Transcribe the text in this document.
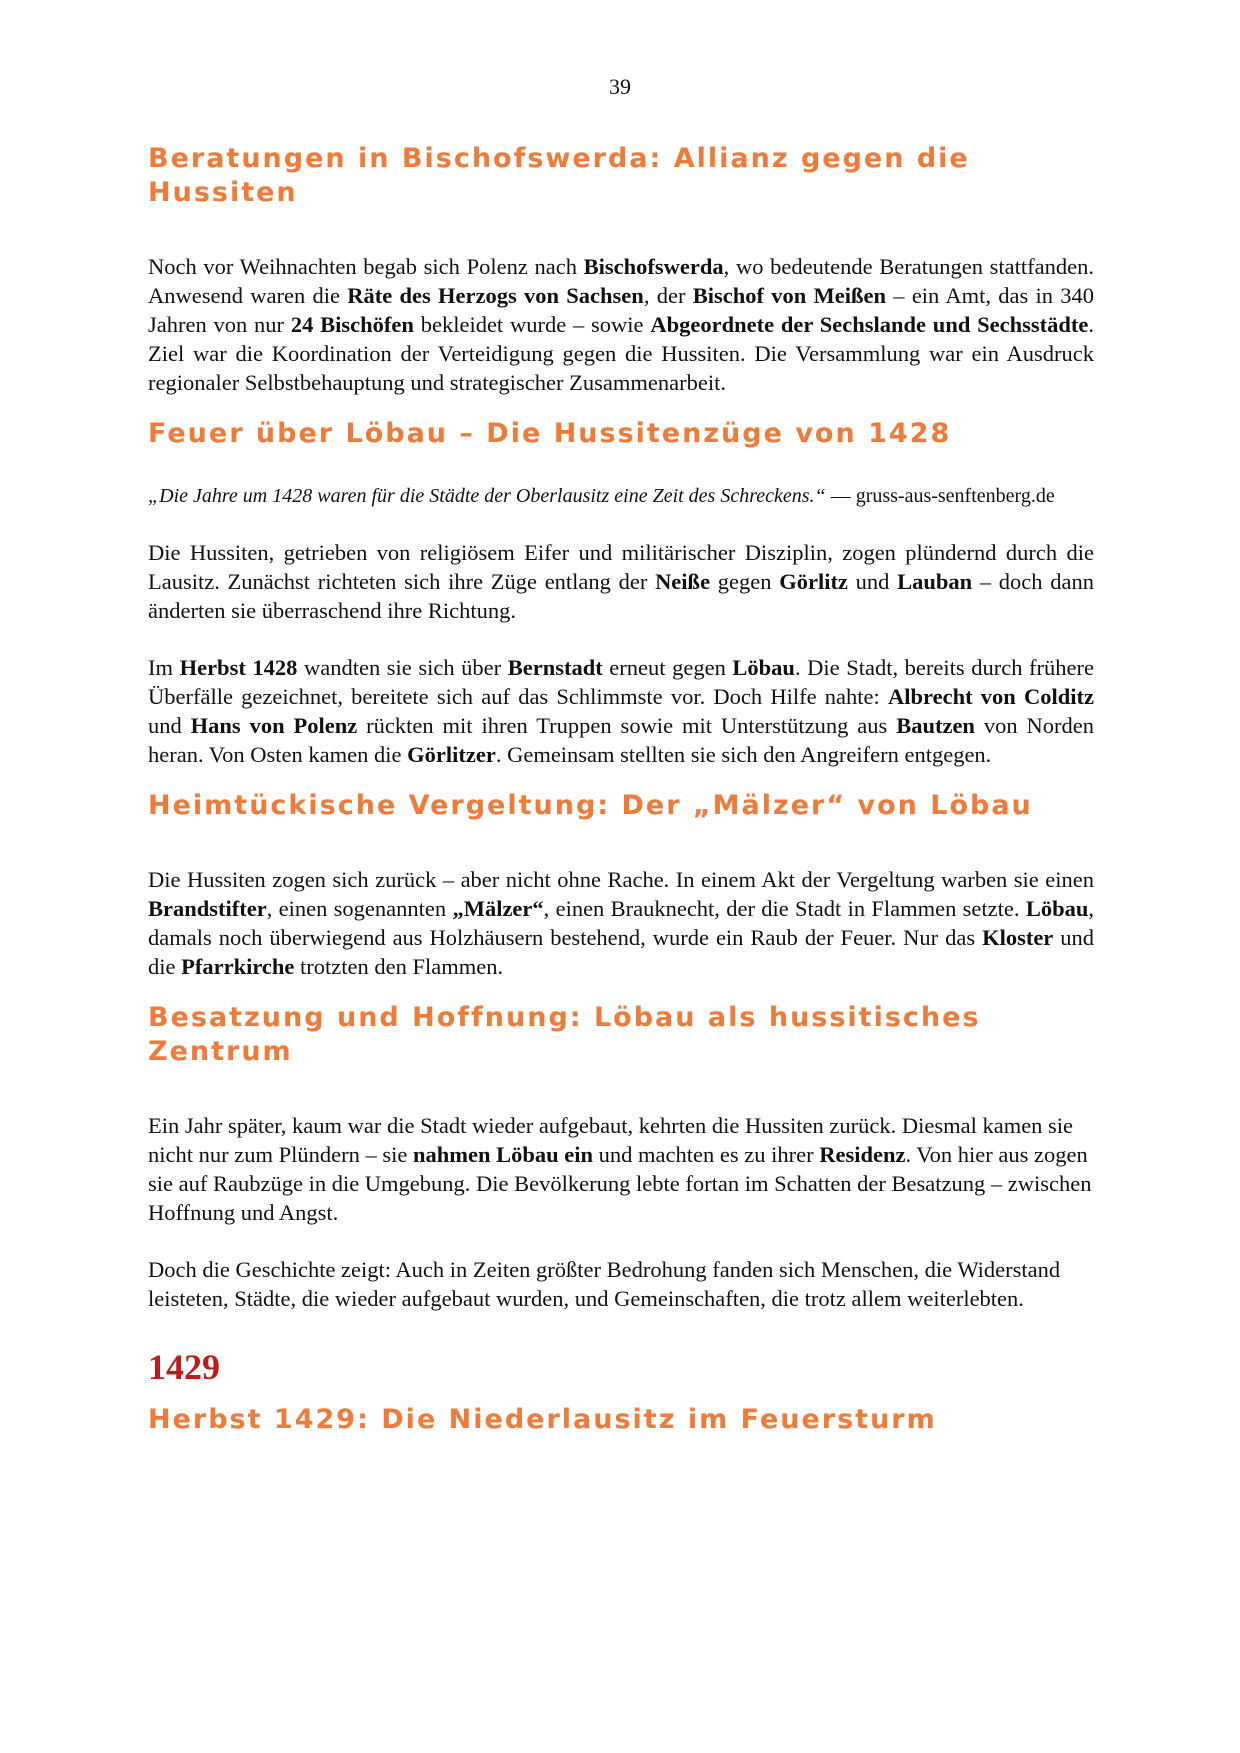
39
Beratungen in Bischofswerda: Allianz gegen die Hussiten

Noch vor Weihnachten begab sich Polenz nach Bischofswerda, wo bedeutende Beratungen stattfanden. Anwesend waren die Räte des Herzogs von Sachsen, der Bischof von Meißen – ein Amt, das in 340 Jahren von nur 24 Bischöfen bekleidet wurde – sowie Abgeordnete der Sechslande und Sechsstädte. Ziel war die Koordination der Verteidigung gegen die Hussiten. Die Versammlung war ein Ausdruck regionaler Selbstbehauptung und strategischer Zusammenarbeit.

Feuer über Löbau – Die Hussitenzüge von 1428

„Die Jahre um 1428 waren für die Städte der Oberlausitz eine Zeit des Schreckens.“ — gruss-aus-senftenberg.de

Die Hussiten, getrieben von religiösem Eifer und militärischer Disziplin, zogen plündernd durch die Lausitz. Zunächst richteten sich ihre Züge entlang der Neiße gegen Görlitz und Lauban – doch dann änderten sie überraschend ihre Richtung.

Im Herbst 1428 wandten sie sich über Bernstadt erneut gegen Löbau. Die Stadt, bereits durch frühere Überfälle gezeichnet, bereitete sich auf das Schlimmste vor. Doch Hilfe nahte: Albrecht von Colditz und Hans von Polenz rückten mit ihren Truppen sowie mit Unterstützung aus Bautzen von Norden heran. Von Osten kamen die Görlitzer. Gemeinsam stellten sie sich den Angreifern entgegen.

Heimtückische Vergeltung: Der „Mälzer“ von Löbau

Die Hussiten zogen sich zurück – aber nicht ohne Rache. In einem Akt der Vergeltung warben sie einen Brandstifter, einen sogenannten „Mälzer“, einen Brauknecht, der die Stadt in Flammen setzte. Löbau, damals noch überwiegend aus Holzhäusern bestehend, wurde ein Raub der Feuer. Nur das Kloster und die Pfarrkirche trotzten den Flammen.

Besatzung und Hoffnung: Löbau als hussitisches Zentrum

Ein Jahr später, kaum war die Stadt wieder aufgebaut, kehrten die Hussiten zurück. Diesmal kamen sie nicht nur zum Plündern – sie nahmen Löbau ein und machten es zu ihrer Residenz. Von hier aus zogen sie auf Raubzüge in die Umgebung. Die Bevölkerung lebte fortan im Schatten der Besatzung – zwischen Hoffnung und Angst.

Doch die Geschichte zeigt: Auch in Zeiten größter Bedrohung fanden sich Menschen, die Widerstand leisteten, Städte, die wieder aufgebaut wurden, und Gemeinschaften, die trotz allem weiterlebten.

1429
Herbst 1429: Die Niederlausitz im Feuersturm
